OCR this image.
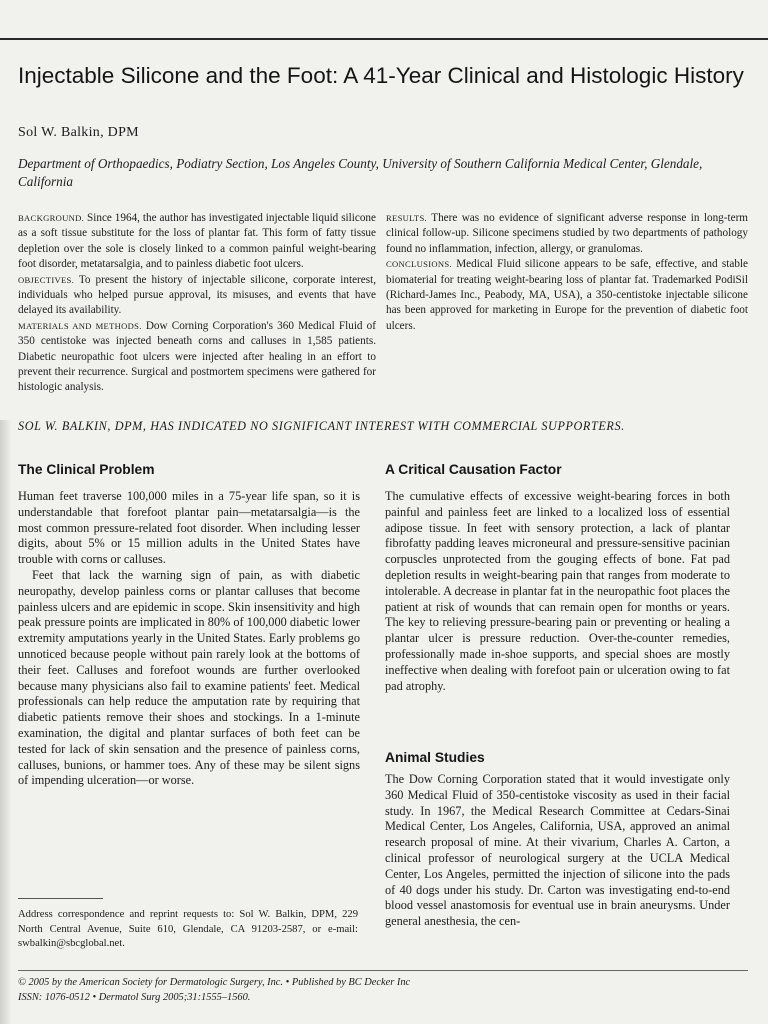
Injectable Silicone and the Foot: A 41-Year Clinical and Histologic History
Sol W. Balkin, DPM
Department of Orthopaedics, Podiatry Section, Los Angeles County, University of Southern California Medical Center, Glendale, California

BACKGROUND. Since 1964, the author has investigated injectable liquid silicone as a soft tissue substitute for the loss of plantar fat. This form of fatty tissue depletion over the sole is closely linked to a common painful weight-bearing foot disorder, metatarsalgia, and to painless diabetic foot ulcers.

OBJECTIVES. To present the history of injectable silicone, corporate interest, individuals who helped pursue approval, its misuses, and events that have delayed its availability.

MATERIALS AND METHODS. Dow Corning Corporation's 360 Medical Fluid of 350 centistoke was injected beneath corns and calluses in 1,585 patients. Diabetic neuropathic foot ulcers were injected after healing in an effort to prevent their recurrence. Surgical and postmortem specimens were gathered for histologic analysis.

RESULTS. There was no evidence of significant adverse response in long-term clinical follow-up. Silicone specimens studied by two departments of pathology found no inflammation, infection, allergy, or granulomas.

CONCLUSIONS. Medical Fluid silicone appears to be safe, effective, and stable biomaterial for treating weight-bearing loss of plantar fat. Trademarked PodiSil (Richard-James Inc., Peabody, MA, USA), a 350-centistoke injectable silicone has been approved for marketing in Europe for the prevention of diabetic foot ulcers.

SOL W. BALKIN, DPM, HAS INDICATED NO SIGNIFICANT INTEREST WITH COMMERCIAL SUPPORTERS.
The Clinical Problem

Human feet traverse 100,000 miles in a 75-year life span, so it is understandable that forefoot plantar pain—metatarsalgia—is the most common pressure-related foot disorder. When including lesser digits, about 5% or 15 million adults in the United States have trouble with corns or calluses.

Feet that lack the warning sign of pain, as with diabetic neuropathy, develop painless corns or plantar calluses that become painless ulcers and are epidemic in scope. Skin insensitivity and high peak pressure points are implicated in 80% of 100,000 diabetic lower extremity amputations yearly in the United States. Early problems go unnoticed because people without pain rarely look at the bottoms of their feet. Calluses and forefoot wounds are further overlooked because many physicians also fail to examine patients' feet. Medical professionals can help reduce the amputation rate by requiring that diabetic patients remove their shoes and stockings. In a 1-minute examination, the digital and plantar surfaces of both feet can be tested for lack of skin sensation and the presence of painless corns, calluses, bunions, or hammer toes. Any of these may be silent signs of impending ulceration—or worse.

A Critical Causation Factor

The cumulative effects of excessive weight-bearing forces in both painful and painless feet are linked to a localized loss of essential adipose tissue. In feet with sensory protection, a lack of plantar fibrofatty padding leaves microneural and pressure-sensitive pacinian corpuscles unprotected from the gouging effects of bone. Fat pad depletion results in weight-bearing pain that ranges from moderate to intolerable. A decrease in plantar fat in the neuropathic foot places the patient at risk of wounds that can remain open for months or years. The key to relieving pressure-bearing pain or preventing or healing a plantar ulcer is pressure reduction. Over-the-counter remedies, professionally made in-shoe supports, and special shoes are mostly ineffective when dealing with forefoot pain or ulceration owing to fat pad atrophy.

Animal Studies

The Dow Corning Corporation stated that it would investigate only 360 Medical Fluid of 350-centistoke viscosity as used in their facial study. In 1967, the Medical Research Committee at Cedars-Sinai Medical Center, Los Angeles, California, USA, approved an animal research proposal of mine. At their vivarium, Charles A. Carton, a clinical professor of neurological surgery at the UCLA Medical Center, Los Angeles, permitted the injection of silicone into the pads of 40 dogs under his study. Dr. Carton was investigating end-to-end blood vessel anastomosis for eventual use in brain aneurysms. Under general anesthesia, the cen-

Address correspondence and reprint requests to: Sol W. Balkin, DPM, 229 North Central Avenue, Suite 610, Glendale, CA 91203-2587, or e-mail: swbalkin@sbcglobal.net.
© 2005 by the American Society for Dermatologic Surgery, Inc. • Published by BC Decker Inc
ISSN: 1076-0512 • Dermatol Surg 2005;31:1555–1560.
